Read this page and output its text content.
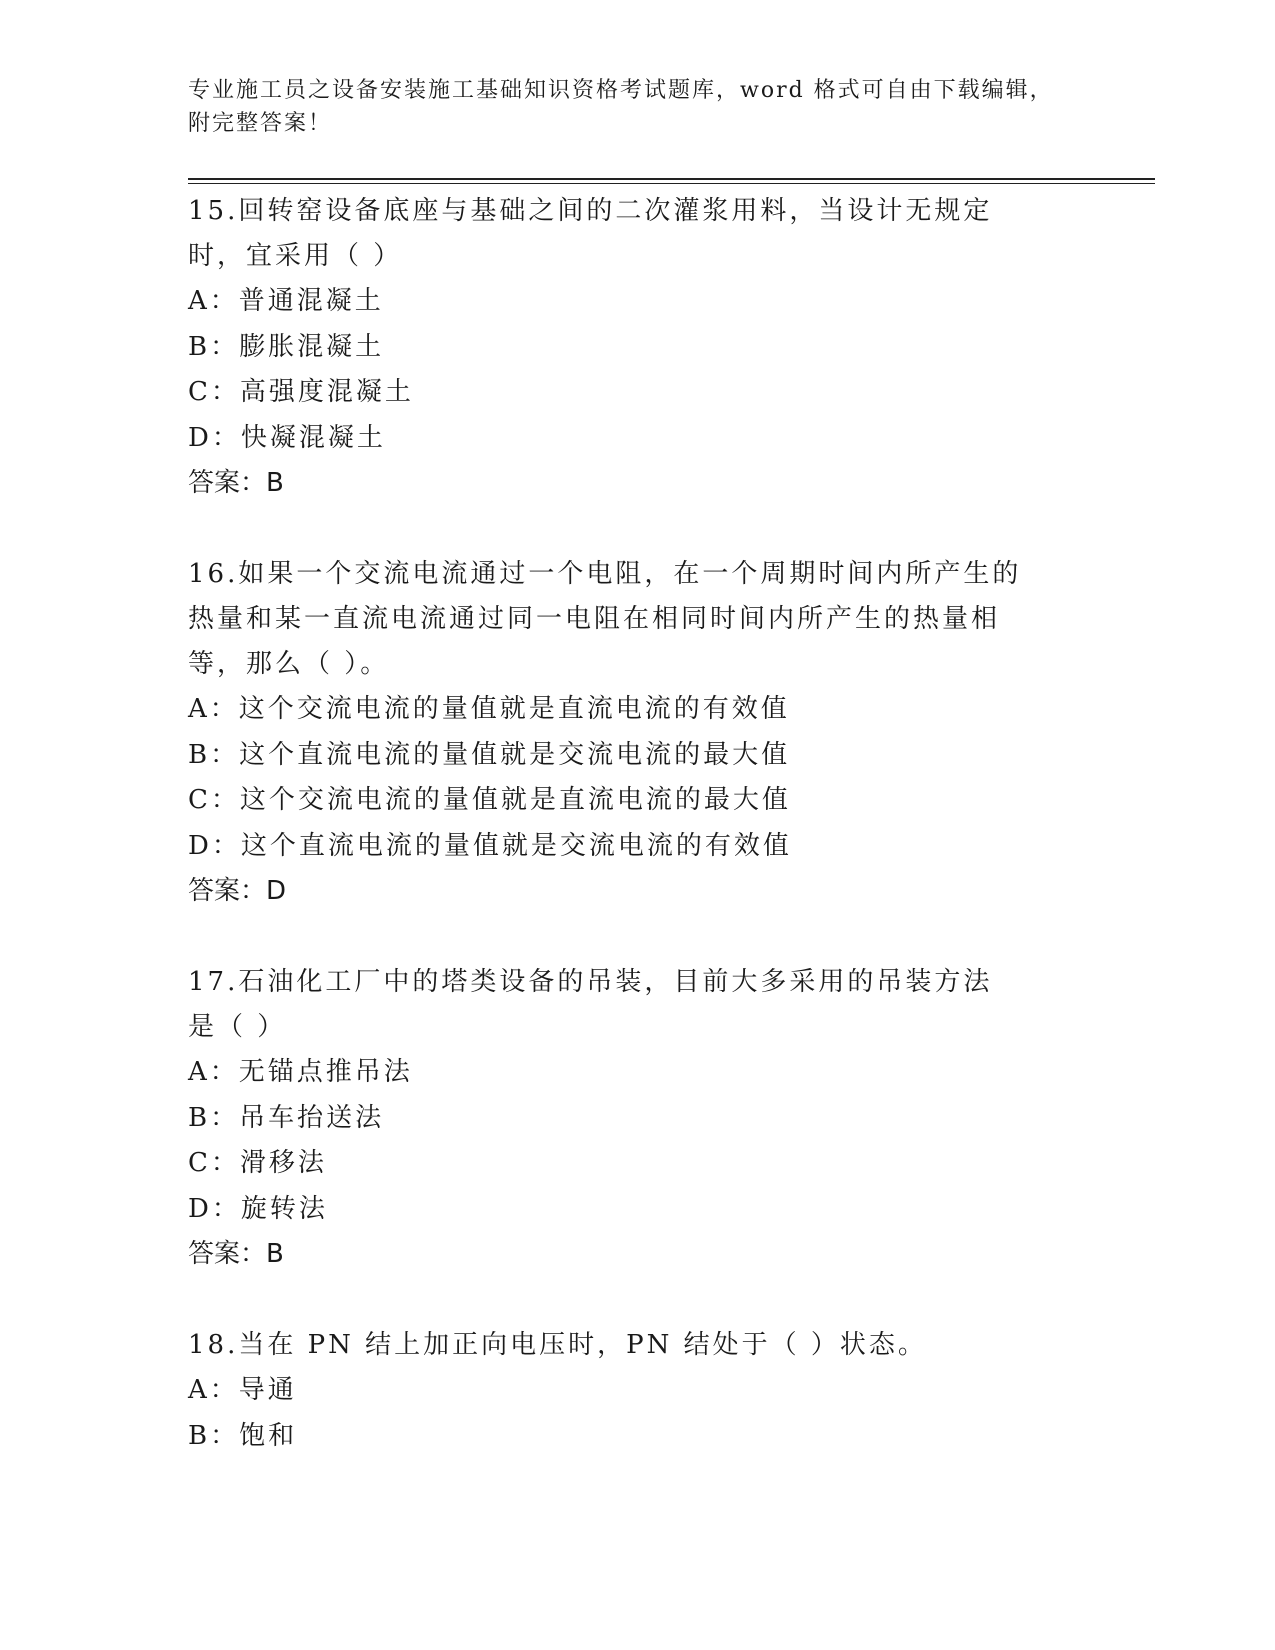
专业施工员之设备安装施工基础知识资格考试题库，word 格式可自由下载编辑，
附完整答案！

15.回转窑设备底座与基础之间的二次灌浆用料，当设计无规定时，宜采用（ ）

A：普通混凝土

B：膨胀混凝土

C：高强度混凝土

D：快凝混凝土

答案：B

16.如果一个交流电流通过一个电阻，在一个周期时间内所产生的热量和某一直流电流通过同一电阻在相同时间内所产生的热量相等，那么（ ）。

A：这个交流电流的量值就是直流电流的有效值

B：这个直流电流的量值就是交流电流的最大值

C：这个交流电流的量值就是直流电流的最大值

D：这个直流电流的量值就是交流电流的有效值

答案：D

17.石油化工厂中的塔类设备的吊装，目前大多采用的吊装方法是（ ）

A：无锚点推吊法

B：吊车抬送法

C：滑移法

D：旋转法

答案：B

18.当在 PN 结上加正向电压时，PN 结处于（ ）状态。

A：导通

B：饱和
